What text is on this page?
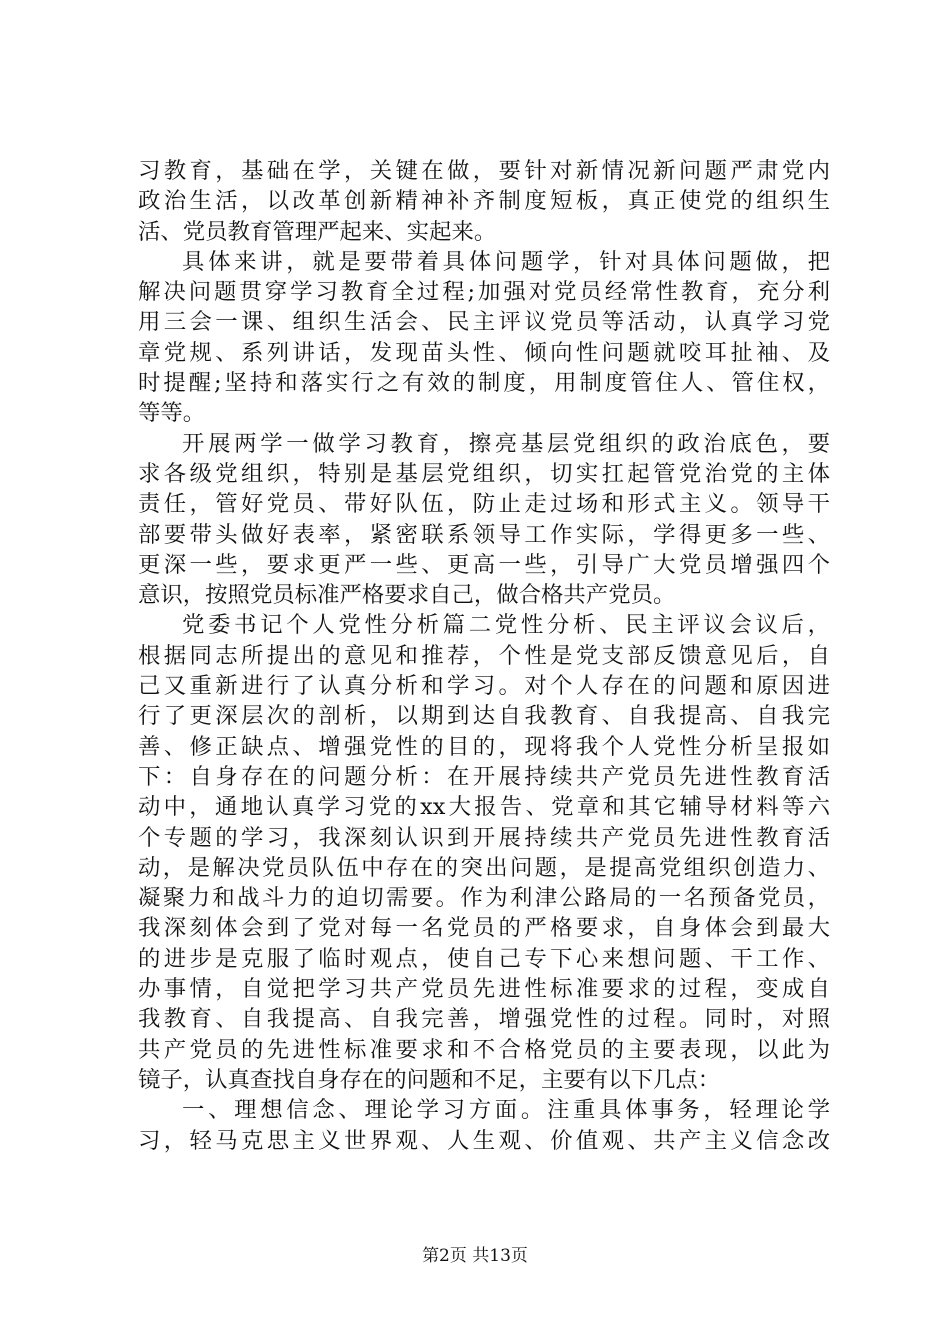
习教育，基础在学，关键在做，要针对新情况新问题严肃党内
政治生活，以改革创新精神补齐制度短板，真正使党的组织生
活、党员教育管理严起来、实起来。
具体来讲，就是要带着具体问题学，针对具体问题做，把
解决问题贯穿学习教育全过程;加强对党员经常性教育，充分利
用三会一课、组织生活会、民主评议党员等活动，认真学习党
章党规、系列讲话，发现苗头性、倾向性问题就咬耳扯袖、及
时提醒;坚持和落实行之有效的制度，用制度管住人、管住权，
等等。
开展两学一做学习教育，擦亮基层党组织的政治底色，要
求各级党组织，特别是基层党组织，切实扛起管党治党的主体
责任，管好党员、带好队伍，防止走过场和形式主义。领导干
部要带头做好表率，紧密联系领导工作实际，学得更多一些、
更深一些，要求更严一些、更高一些，引导广大党员增强四个
意识，按照党员标准严格要求自己，做合格共产党员。
党委书记个人党性分析篇二党性分析、民主评议会议后，
根据同志所提出的意见和推荐，个性是党支部反馈意见后，自
己又重新进行了认真分析和学习。对个人存在的问题和原因进
行了更深层次的剖析，以期到达自我教育、自我提高、自我完
善、修正缺点、增强党性的目的，现将我个人党性分析呈报如
下：自身存在的问题分析：在开展持续共产党员先进性教育活
动中，通地认真学习党的xx大报告、党章和其它辅导材料等六
个专题的学习，我深刻认识到开展持续共产党员先进性教育活
动，是解决党员队伍中存在的突出问题，是提高党组织创造力、
凝聚力和战斗力的迫切需要。作为利津公路局的一名预备党员，
我深刻体会到了党对每一名党员的严格要求，自身体会到最大
的进步是克服了临时观点，使自己专下心来想问题、干工作、
办事情，自觉把学习共产党员先进性标准要求的过程，变成自
我教育、自我提高、自我完善，增强党性的过程。同时，对照
共产党员的先进性标准要求和不合格党员的主要表现，以此为
镜子，认真查找自身存在的问题和不足，主要有以下几点：
一、理想信念、理论学习方面。注重具体事务，轻理论学
习，轻马克思主义世界观、人生观、价值观、共产主义信念改
第2页 共13页
